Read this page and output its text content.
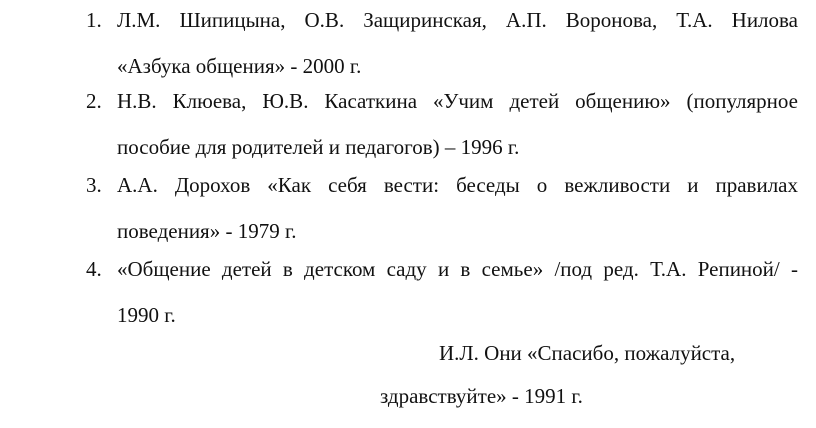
1. Л.М. Шипицына, О.В. Защиринская, А.П. Воронова, Т.А. Нилова
«Азбука общения» - 2000 г.
2. Н.В. Клюева, Ю.В. Касаткина «Учим детей общению» (популярное
пособие для родителей и педагогов) – 1996 г.
3. А.А. Дорохов «Как себя вести: беседы о вежливости и правилах
поведения» - 1979 г.
4. «Общение детей в детском саду и в семье» /под ред. Т.А. Репиной/ -
1990 г.
И.Л. Они «Спасибо, пожалуйста,
здравствуйте» - 1991 г.
